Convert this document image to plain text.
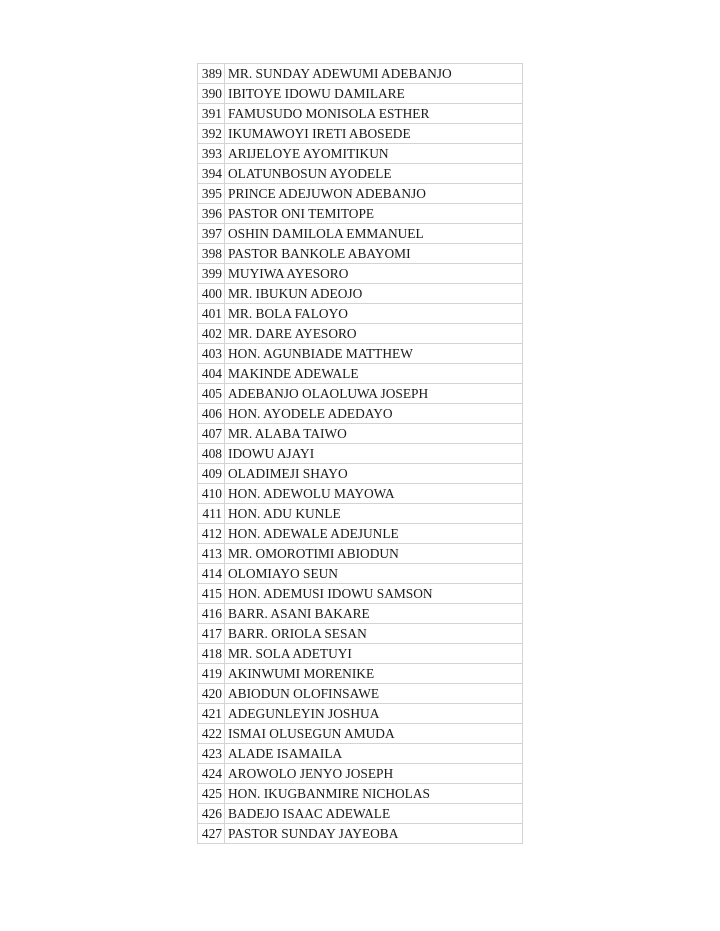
389	MR. SUNDAY ADEWUMI ADEBANJO
390	IBITOYE IDOWU DAMILARE
391	FAMUSUDO MONISOLA ESTHER
392	IKUMAWOYI IRETI ABOSEDE
393	ARIJELOYE AYOMITIKUN
394	OLATUNBOSUN AYODELE
395	PRINCE ADEJUWON ADEBANJO
396	PASTOR ONI TEMITOPE
397	OSHIN DAMILOLA EMMANUEL
398	PASTOR BANKOLE ABAYOMI
399	MUYIWA AYESORO
400	MR. IBUKUN ADEOJO
401	MR. BOLA FALOYO
402	MR. DARE AYESORO
403	HON. AGUNBIADE MATTHEW
404	MAKINDE ADEWALE
405	ADEBANJO OLAOLUWA JOSEPH
406	HON. AYODELE ADEDAYO
407	MR. ALABA TAIWO
408	IDOWU AJAYI
409	OLADIMEJI SHAYO
410	HON. ADEWOLU MAYOWA
411	HON. ADU KUNLE
412	HON. ADEWALE ADEJUNLE
413	MR. OMOROTIMI ABIODUN
414	OLOMIAYO SEUN
415	HON. ADEMUSI IDOWU SAMSON
416	BARR. ASANI BAKARE
417	BARR. ORIOLA SESAN
418	MR. SOLA ADETUYI
419	AKINWUMI MORENIKE
420	ABIODUN OLOFINSAWE
421	ADEGUNLEYIN JOSHUA
422	ISMAI OLUSEGUN AMUDA
423	ALADE ISAMAILA
424	AROWOLO JENYO JOSEPH
425	HON. IKUGBANMIRE NICHOLAS
426	BADEJO ISAAC ADEWALE
427	PASTOR SUNDAY JAYEOBA
